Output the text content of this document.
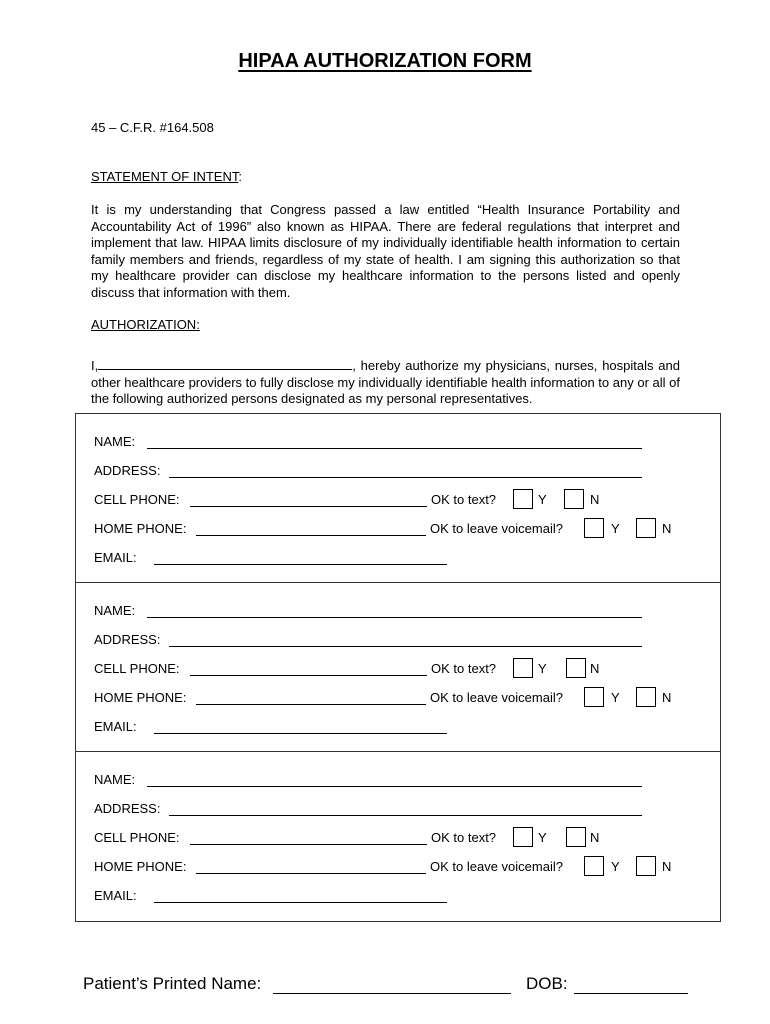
HIPAA AUTHORIZATION FORM
45 – C.F.R. #164.508
STATEMENT OF INTENT:
It is my understanding that Congress passed a law entitled “Health Insurance Portability and Accountability Act of 1996” also known as HIPAA. There are federal regulations that interpret and implement that law. HIPAA limits disclosure of my individually identifiable health information to certain family members and friends, regardless of my state of health. I am signing this authorization so that my healthcare provider can disclose my healthcare information to the persons listed and openly discuss that information with them.
AUTHORIZATION:
I,	, hereby authorize my physicians, nurses, hospitals and other healthcare providers to fully disclose my individually identifiable health information to any or all of the following authorized persons designated as my personal representatives.
NAME:
ADDRESS:
CELL PHONE:	OK to text?	Y	N
HOME PHONE:	OK to leave voicemail?	Y	N
EMAIL:
NAME:
ADDRESS:
CELL PHONE:	OK to text?	Y	N
HOME PHONE:	OK to leave voicemail?	Y	N
EMAIL:
NAME:
ADDRESS:
CELL PHONE:	OK to text?	Y	N
HOME PHONE:	OK to leave voicemail?	Y	N
EMAIL:
Patient’s Printed Name:	DOB:
